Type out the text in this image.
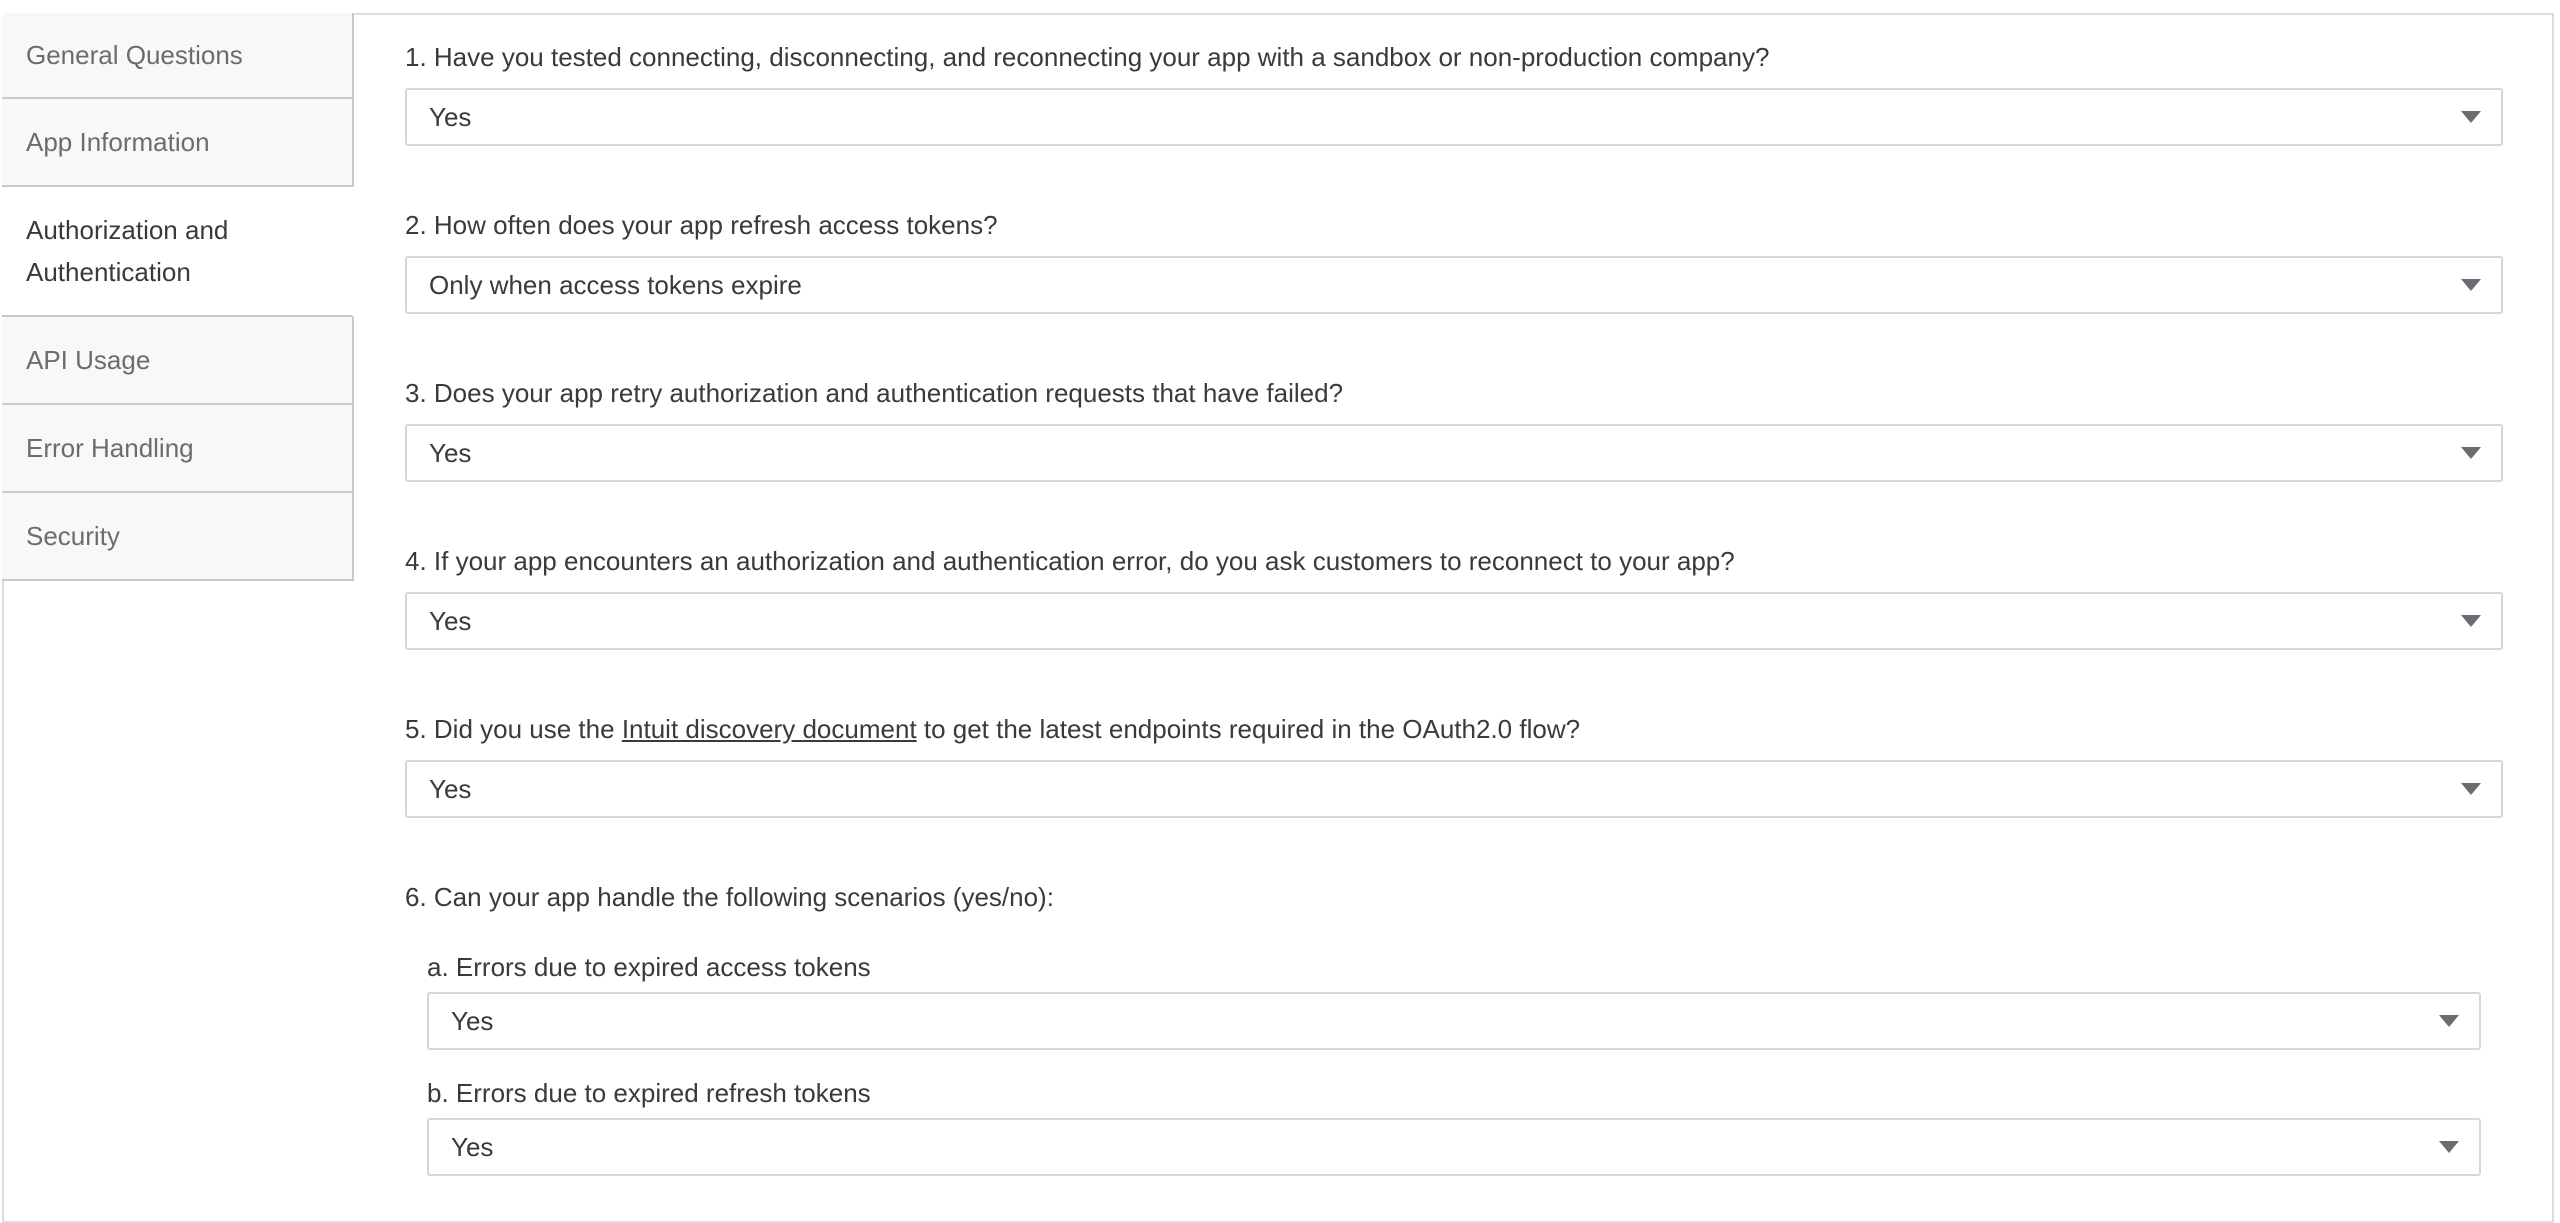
General Questions
App Information
Authorization and Authentication
API Usage
Error Handling
Security

1. Have you tested connecting, disconnecting, and reconnecting your app with a sandbox or non-production company?

Yes

2. How often does your app refresh access tokens?

Only when access tokens expire

3. Does your app retry authorization and authentication requests that have failed?

Yes

4. If your app encounters an authorization and authentication error, do you ask customers to reconnect to your app?

Yes

5. Did you use the Intuit discovery document to get the latest endpoints required in the OAuth2.0 flow?

Yes

6. Can your app handle the following scenarios (yes/no):

a. Errors due to expired access tokens

Yes

b. Errors due to expired refresh tokens

Yes
